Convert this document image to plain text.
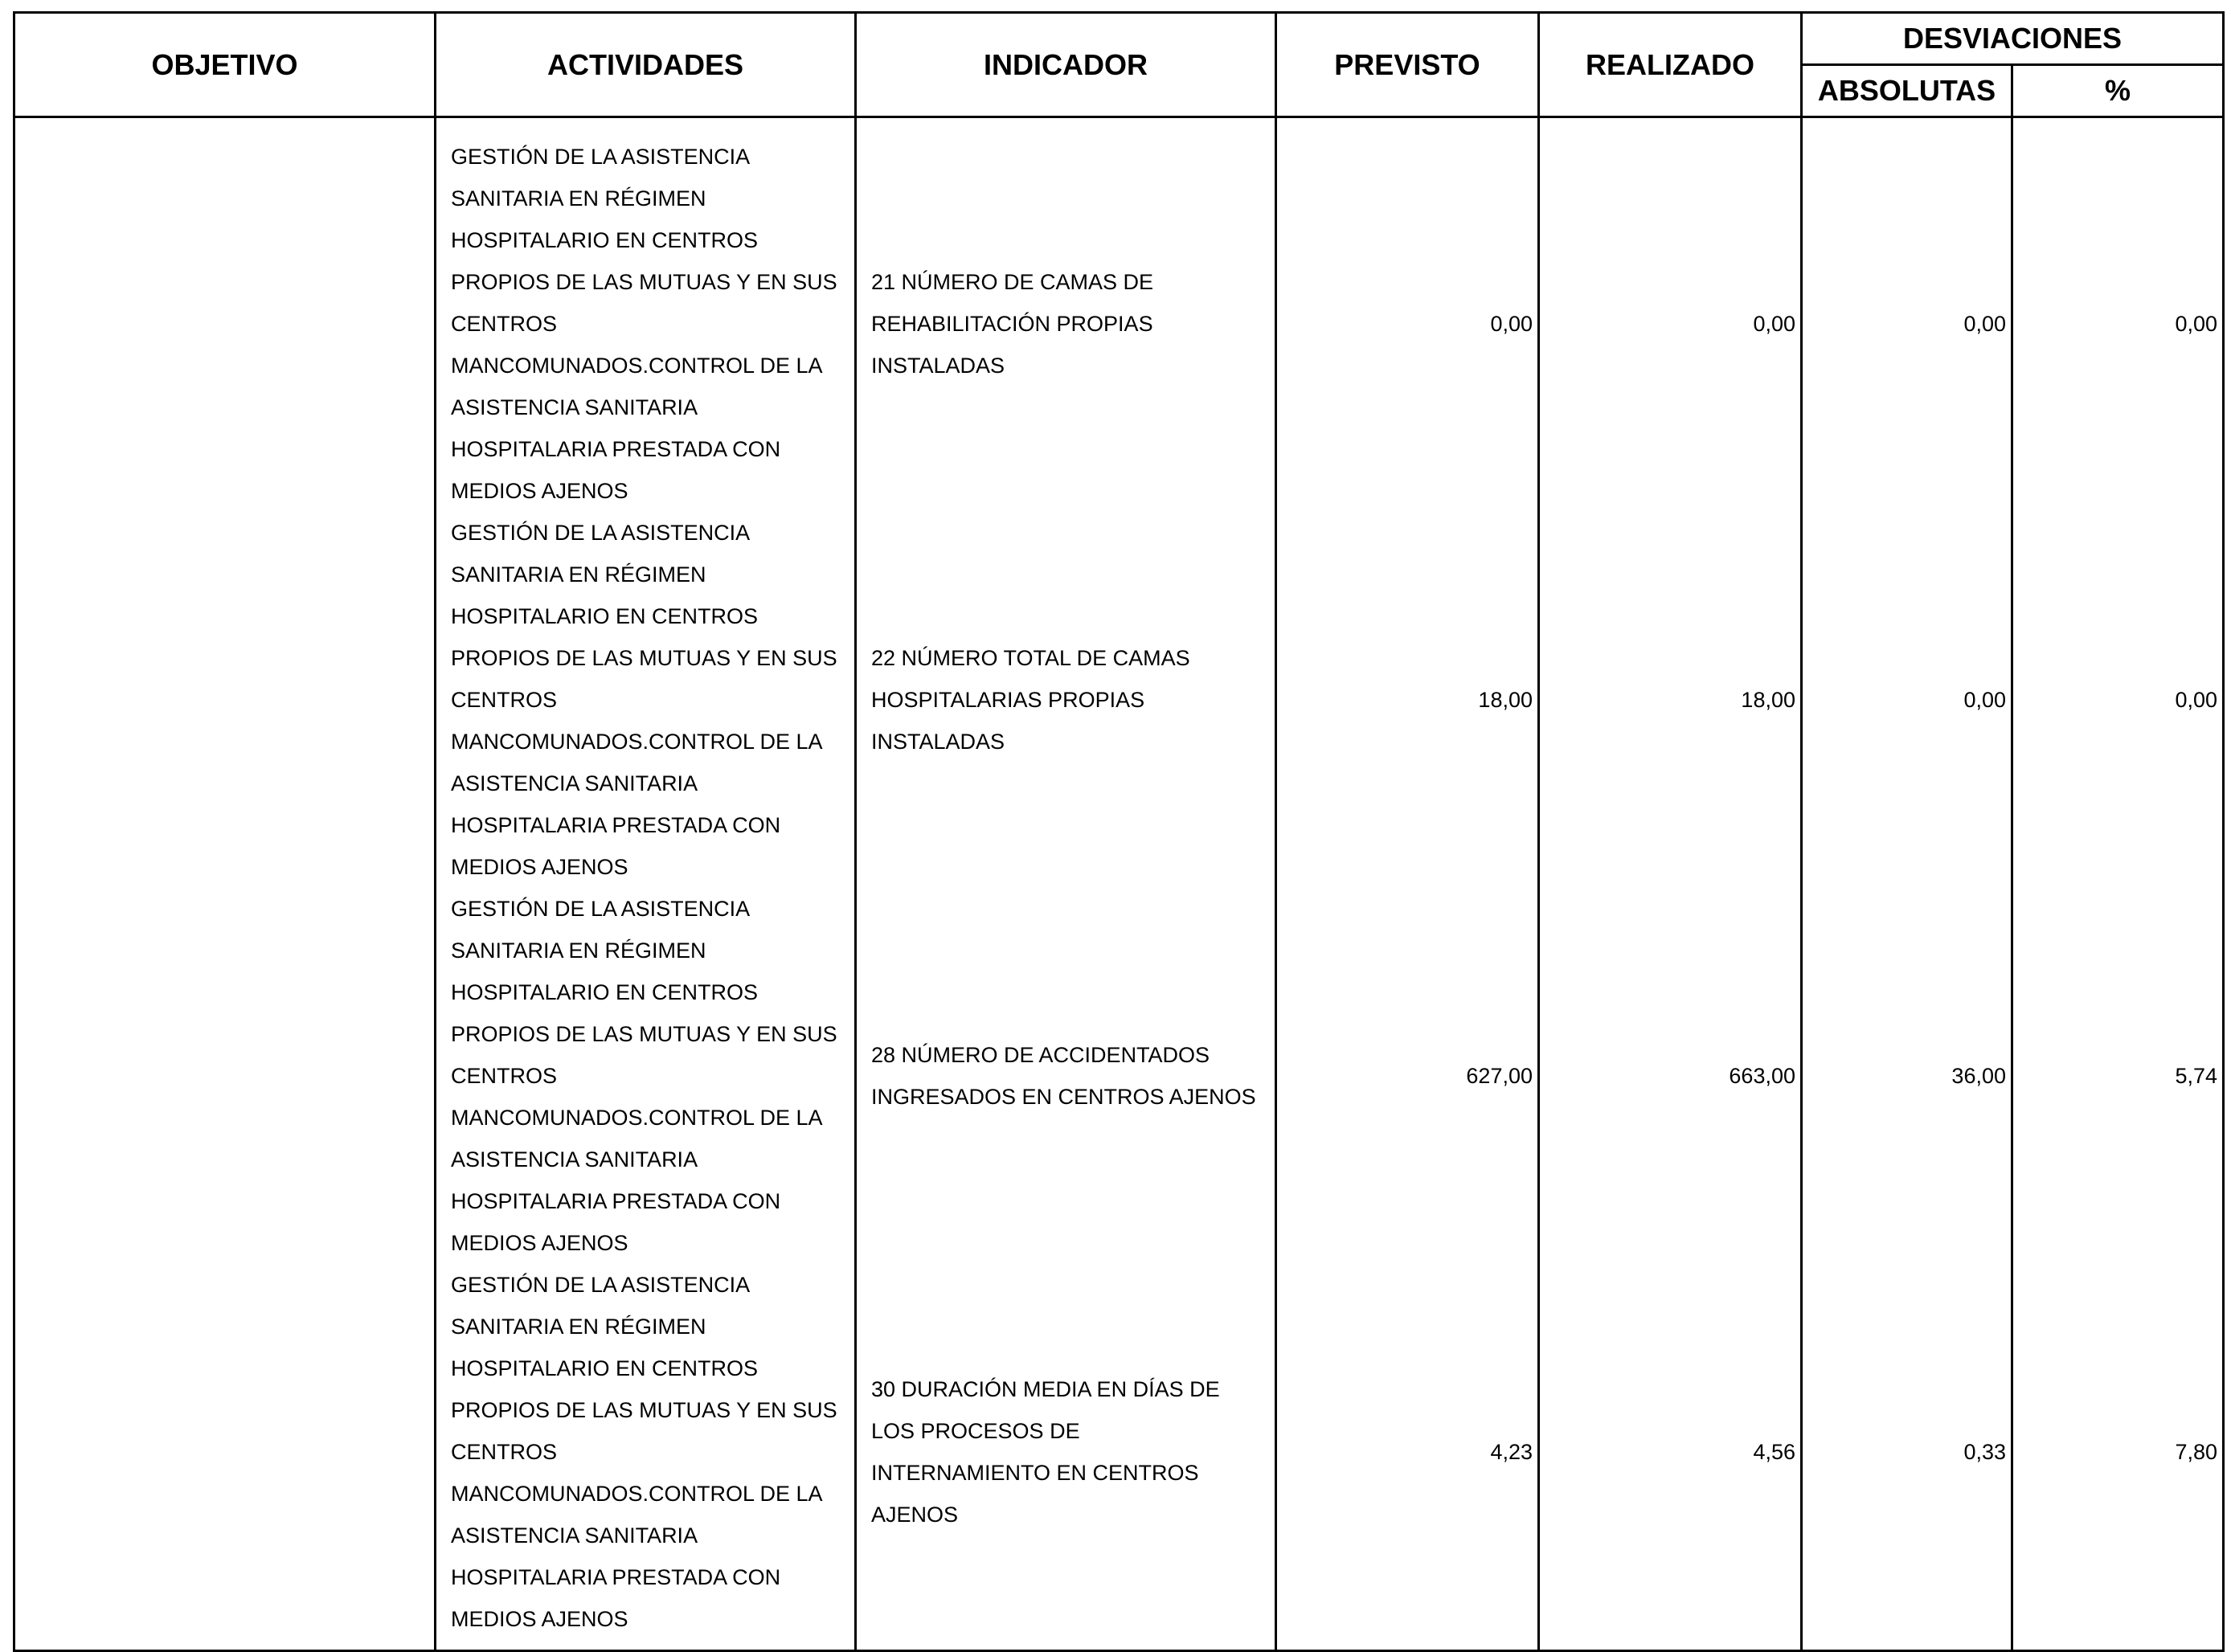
OBJETIVO	ACTIVIDADES	INDICADOR	PREVISTO	REALIZADO	DESVIACIONES	
					ABSOLUTAS	%
	GESTIÓN DE LA ASISTENCIA SANITARIA EN RÉGIMEN HOSPITALARIO EN CENTROS PROPIOS DE LAS MUTUAS Y EN SUS CENTROS MANCOMUNADOS.CONTROL DE LA ASISTENCIA SANITARIA HOSPITALARIA PRESTADA CON MEDIOS AJENOS	21 NÚMERO DE CAMAS DE REHABILITACIÓN PROPIAS INSTALADAS	0,00	0,00	0,00	0,00
	GESTIÓN DE LA ASISTENCIA SANITARIA EN RÉGIMEN HOSPITALARIO EN CENTROS PROPIOS DE LAS MUTUAS Y EN SUS CENTROS MANCOMUNADOS.CONTROL DE LA ASISTENCIA SANITARIA HOSPITALARIA PRESTADA CON MEDIOS AJENOS	22 NÚMERO TOTAL DE CAMAS HOSPITALARIAS PROPIAS INSTALADAS	18,00	18,00	0,00	0,00
	GESTIÓN DE LA ASISTENCIA SANITARIA EN RÉGIMEN HOSPITALARIO EN CENTROS PROPIOS DE LAS MUTUAS Y EN SUS CENTROS MANCOMUNADOS.CONTROL DE LA ASISTENCIA SANITARIA HOSPITALARIA PRESTADA CON MEDIOS AJENOS	28 NÚMERO DE ACCIDENTADOS INGRESADOS EN CENTROS AJENOS	627,00	663,00	36,00	5,74
	GESTIÓN DE LA ASISTENCIA SANITARIA EN RÉGIMEN HOSPITALARIO EN CENTROS PROPIOS DE LAS MUTUAS Y EN SUS CENTROS MANCOMUNADOS.CONTROL DE LA ASISTENCIA SANITARIA HOSPITALARIA PRESTADA CON MEDIOS AJENOS	30 DURACIÓN MEDIA EN DÍAS DE LOS PROCESOS DE INTERNAMIENTO EN CENTROS AJENOS	4,23	4,56	0,33	7,80
